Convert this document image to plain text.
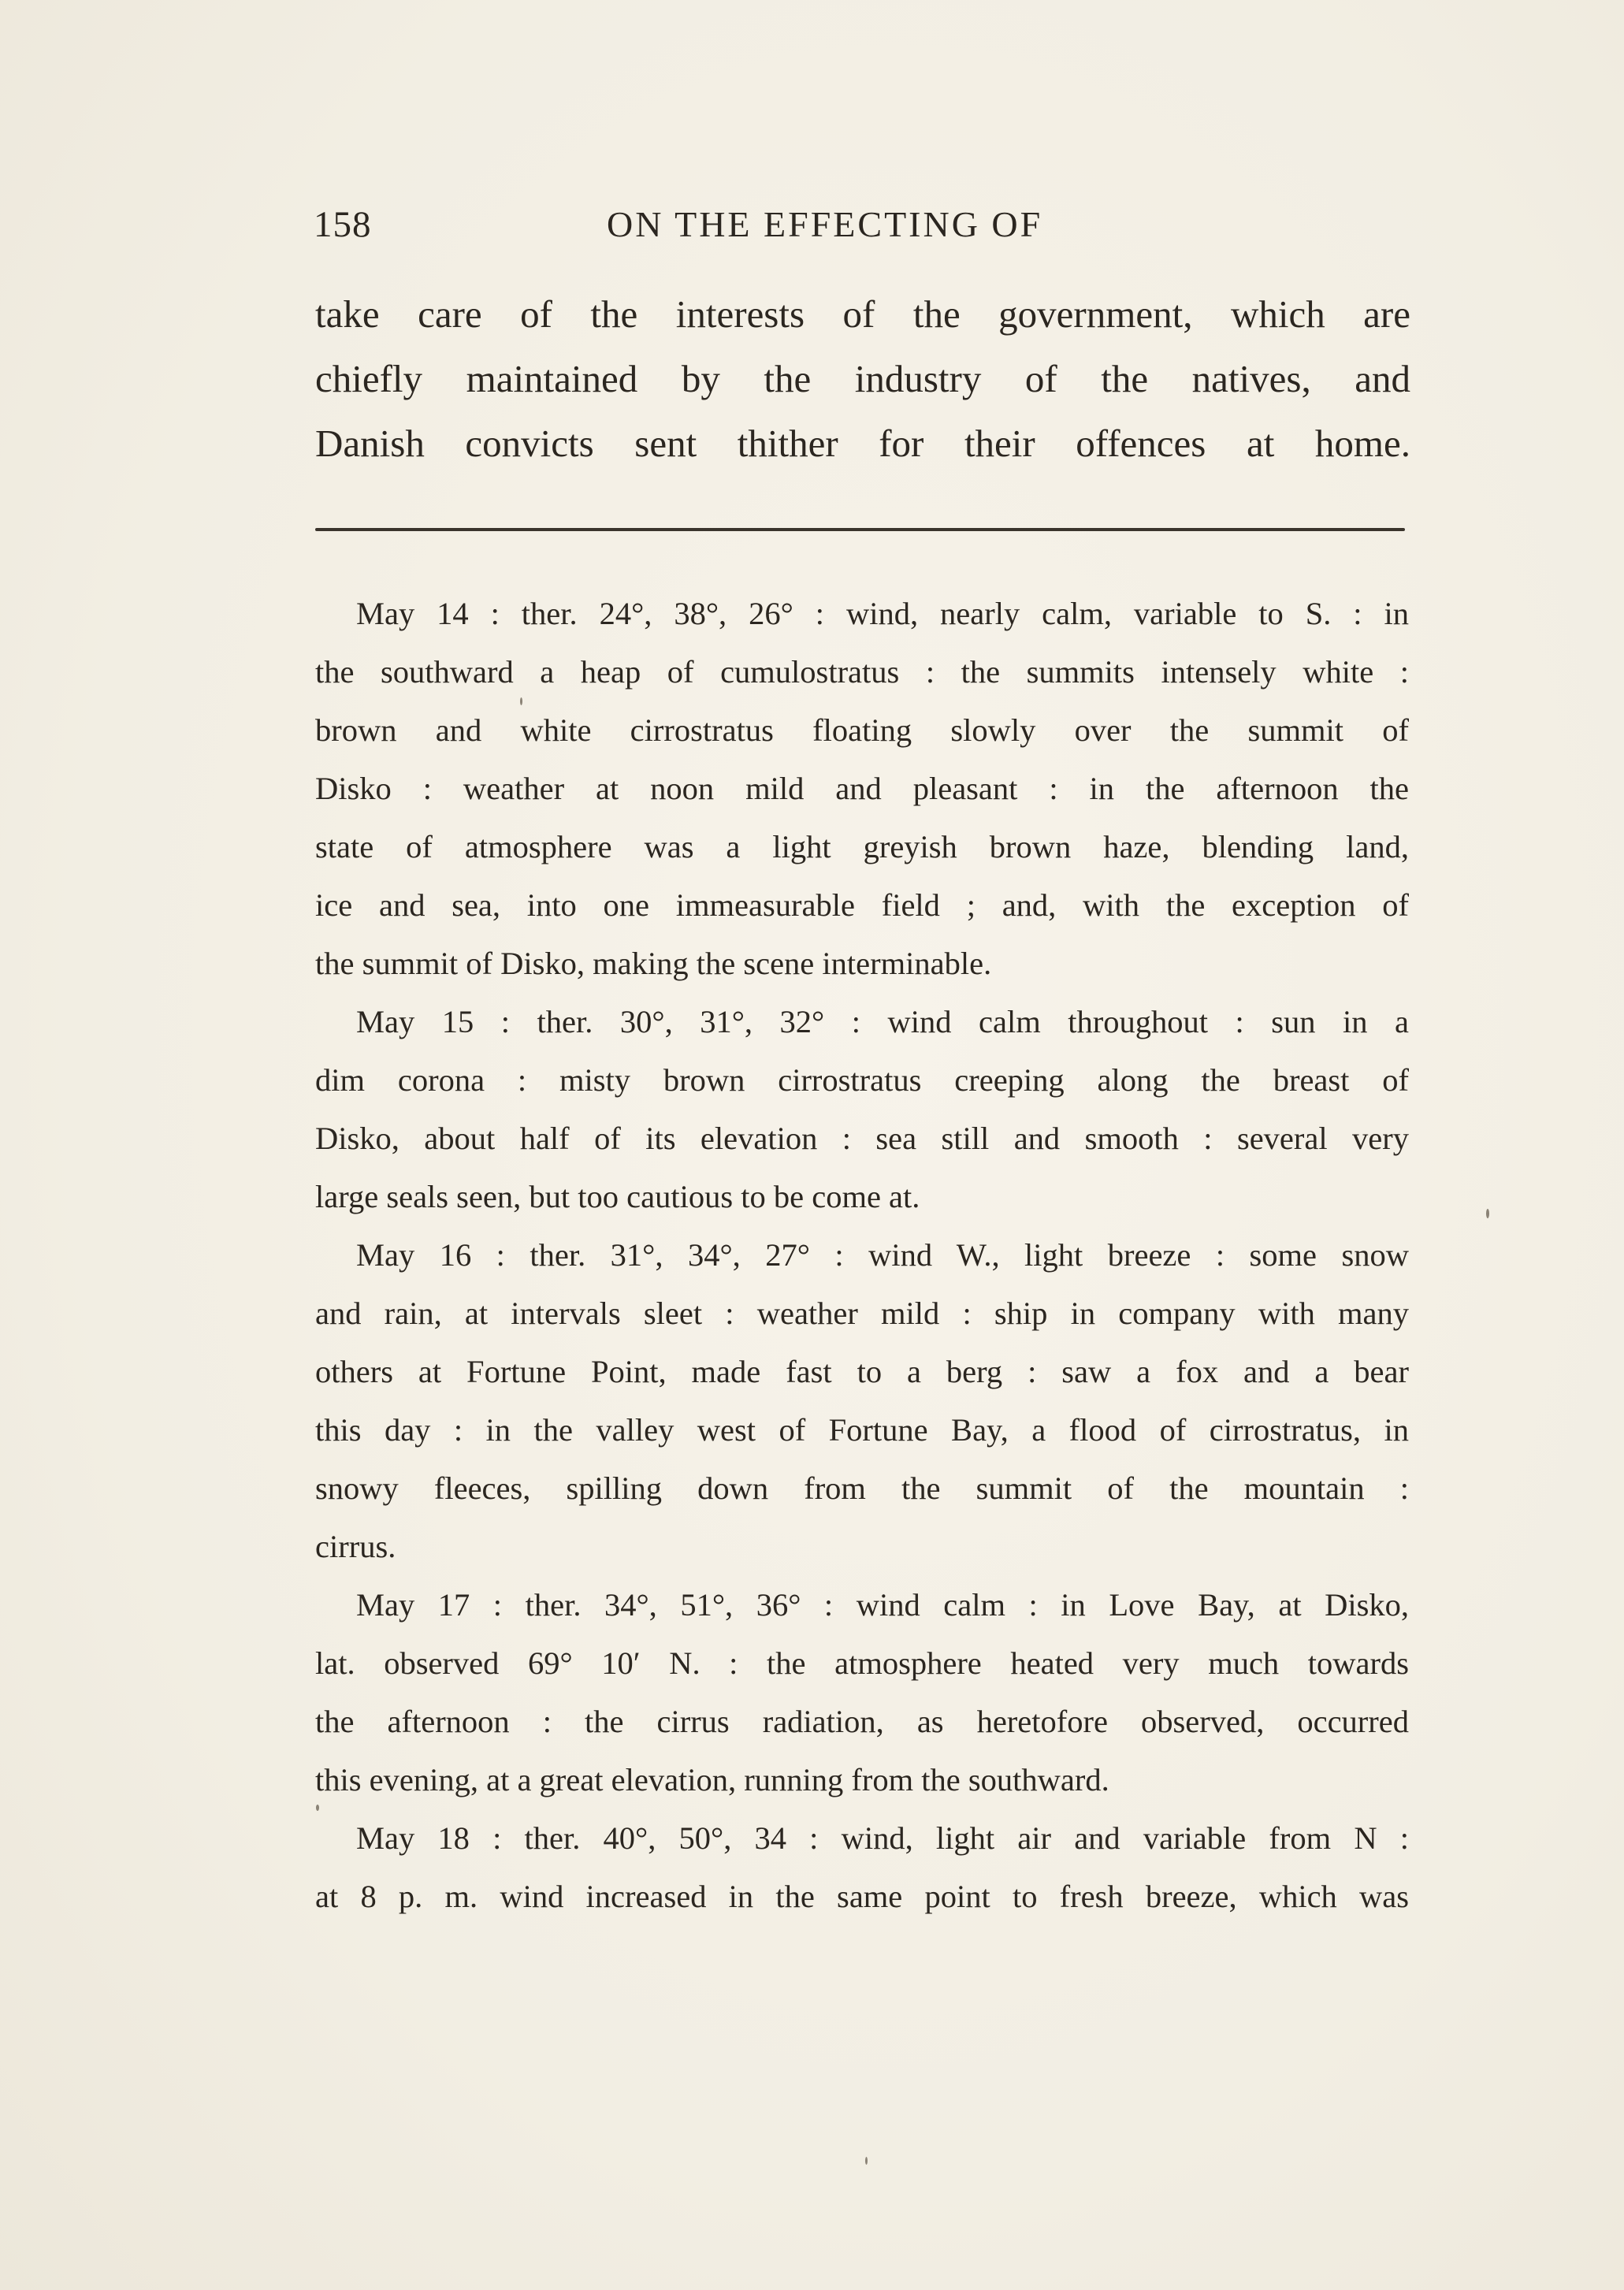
158	ON THE EFFECTING OF
take care of the interests of the government, which are
chiefly maintained by the industry of the natives, and
Danish convicts sent thither for their offences at home.
May 14 : ther. 24°, 38°, 26° : wind, nearly calm, variable to S. : in
the southward a heap of cumulostratus : the summits intensely white :
brown and white cirrostratus floating slowly over the summit of
Disko : weather at noon mild and pleasant : in the afternoon the
state of atmosphere was a light greyish brown haze, blending land,
ice and sea, into one immeasurable field ; and, with the exception of
the summit of Disko, making the scene interminable.
May 15 : ther. 30°, 31°, 32° : wind calm throughout : sun in a
dim corona : misty brown cirrostratus creeping along the breast of
Disko, about half of its elevation : sea still and smooth : several very
large seals seen, but too cautious to be come at.
May 16 : ther. 31°, 34°, 27° : wind W., light breeze : some snow
and rain, at intervals sleet : weather mild : ship in company with many
others at Fortune Point, made fast to a berg : saw a fox and a bear
this day : in the valley west of Fortune Bay, a flood of cirrostratus, in
snowy fleeces, spilling down from the summit of the mountain :
cirrus.
May 17 : ther. 34°, 51°, 36° : wind calm : in Love Bay, at Disko,
lat. observed 69° 10′ N. : the atmosphere heated very much towards
the afternoon : the cirrus radiation, as heretofore observed, occurred
this evening, at a great elevation, running from the southward.
May 18 : ther. 40°, 50°, 34 : wind, light air and variable from N :
at 8 p. m. wind increased in the same point to fresh breeze, which was
